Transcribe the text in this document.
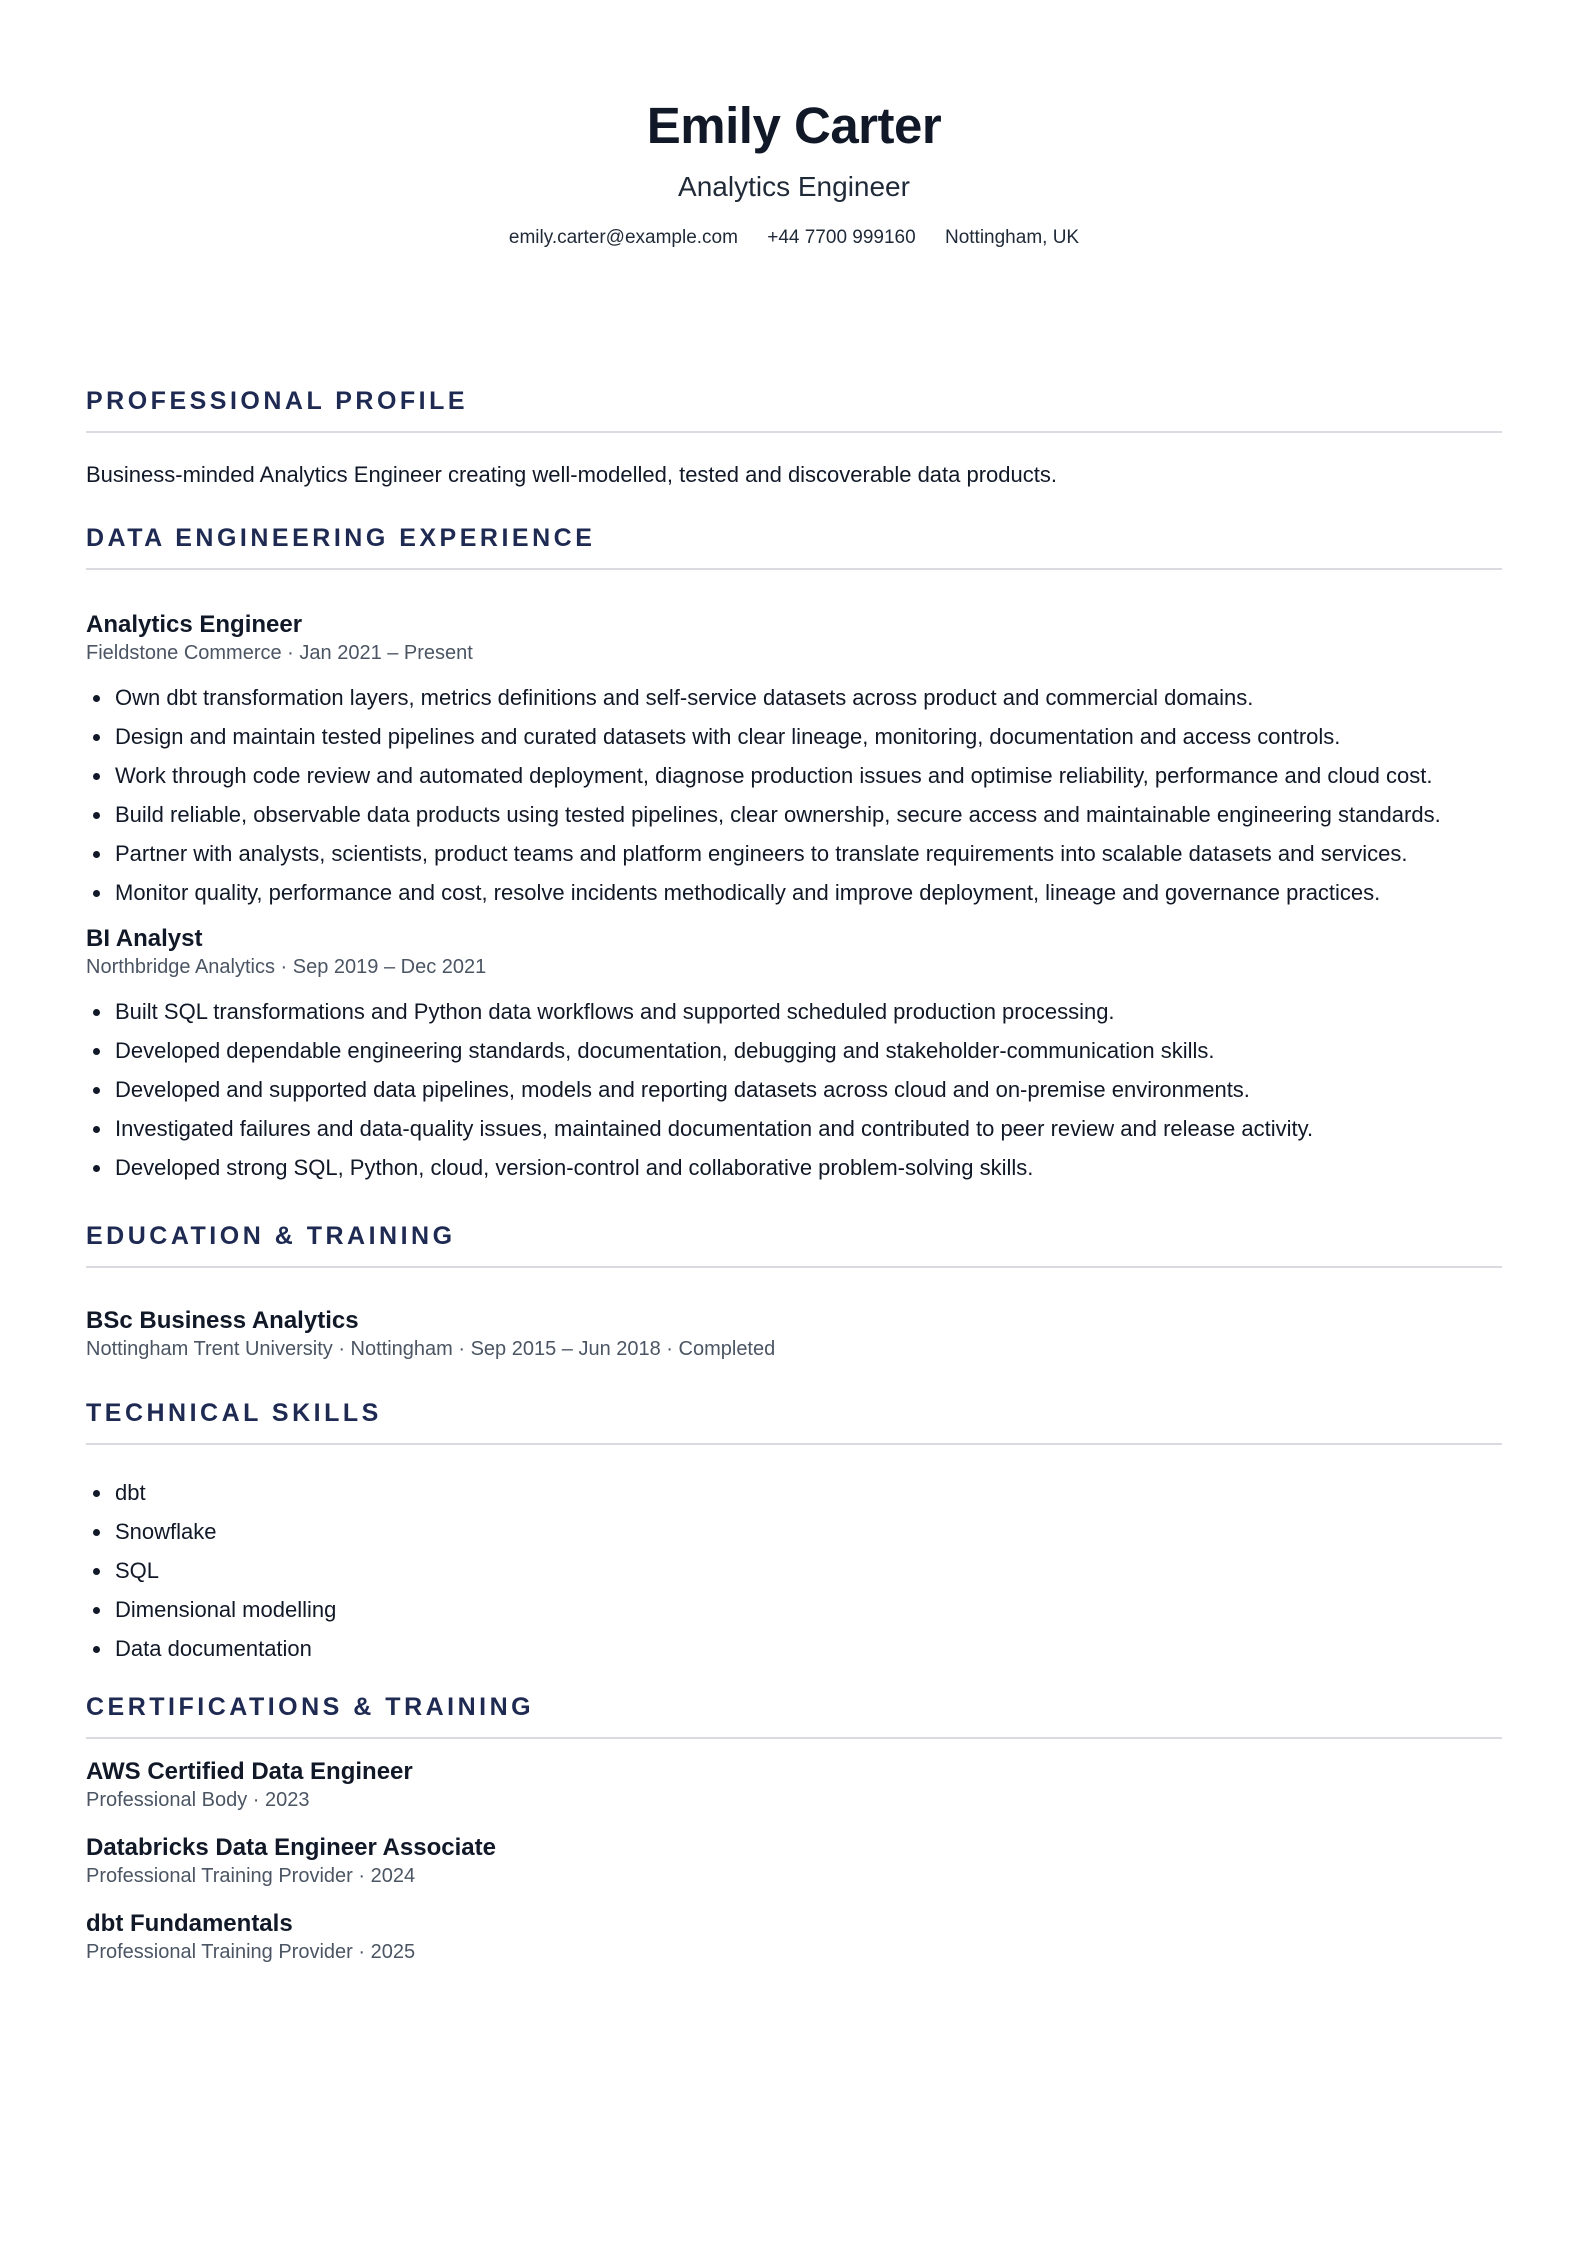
Emily Carter
Analytics Engineer
emily.carter@example.com +44 7700 999160 Nottingham, UK
PROFESSIONAL PROFILE
Business-minded Analytics Engineer creating well-modelled, tested and discoverable data products.
DATA ENGINEERING EXPERIENCE
Analytics Engineer
Fieldstone Commerce · Jan 2021 – Present
Own dbt transformation layers, metrics definitions and self-service datasets across product and commercial domains.
Design and maintain tested pipelines and curated datasets with clear lineage, monitoring, documentation and access controls.
Work through code review and automated deployment, diagnose production issues and optimise reliability, performance and cloud cost.
Build reliable, observable data products using tested pipelines, clear ownership, secure access and maintainable engineering standards.
Partner with analysts, scientists, product teams and platform engineers to translate requirements into scalable datasets and services.
Monitor quality, performance and cost, resolve incidents methodically and improve deployment, lineage and governance practices.
BI Analyst
Northbridge Analytics · Sep 2019 – Dec 2021
Built SQL transformations and Python data workflows and supported scheduled production processing.
Developed dependable engineering standards, documentation, debugging and stakeholder-communication skills.
Developed and supported data pipelines, models and reporting datasets across cloud and on-premise environments.
Investigated failures and data-quality issues, maintained documentation and contributed to peer review and release activity.
Developed strong SQL, Python, cloud, version-control and collaborative problem-solving skills.
EDUCATION & TRAINING
BSc Business Analytics
Nottingham Trent University · Nottingham · Sep 2015 – Jun 2018 · Completed
TECHNICAL SKILLS
dbt
Snowflake
SQL
Dimensional modelling
Data documentation
CERTIFICATIONS & TRAINING
AWS Certified Data Engineer
Professional Body · 2023
Databricks Data Engineer Associate
Professional Training Provider · 2024
dbt Fundamentals
Professional Training Provider · 2025
